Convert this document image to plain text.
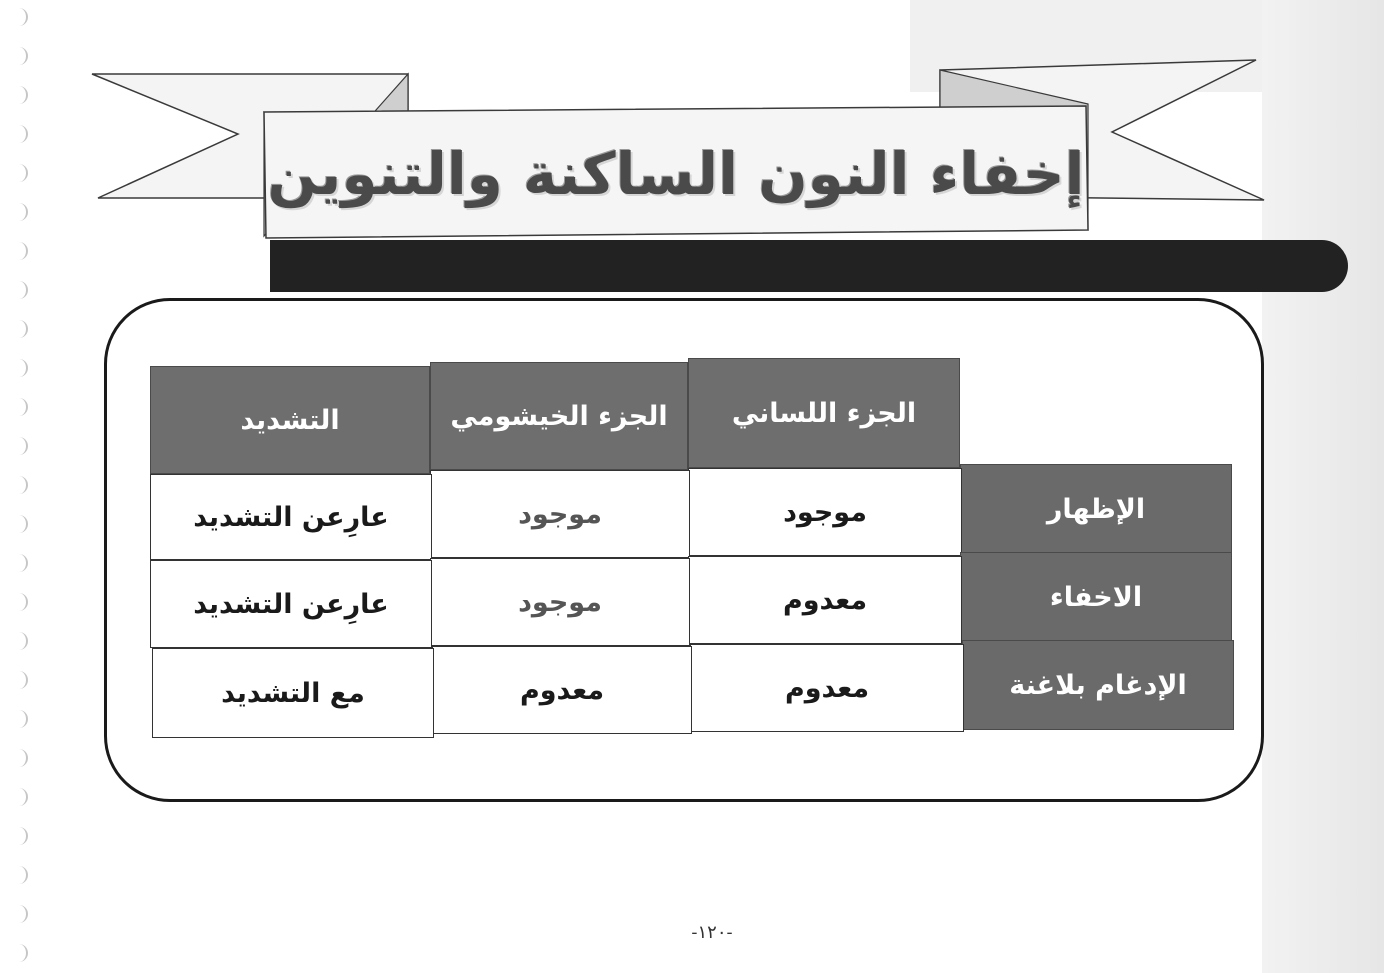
إخفاء النون الساكنة والتنوين
الجزء اللساني
الجزء الخيشومي
التشديد
الإظهار
موجود
موجود
عارِعن التشديد
الاخفاء
معدوم
موجود
عارِعن التشديد
الإدغام بلاغنة
معدوم
معدوم
مع التشديد
-١٢٠-
